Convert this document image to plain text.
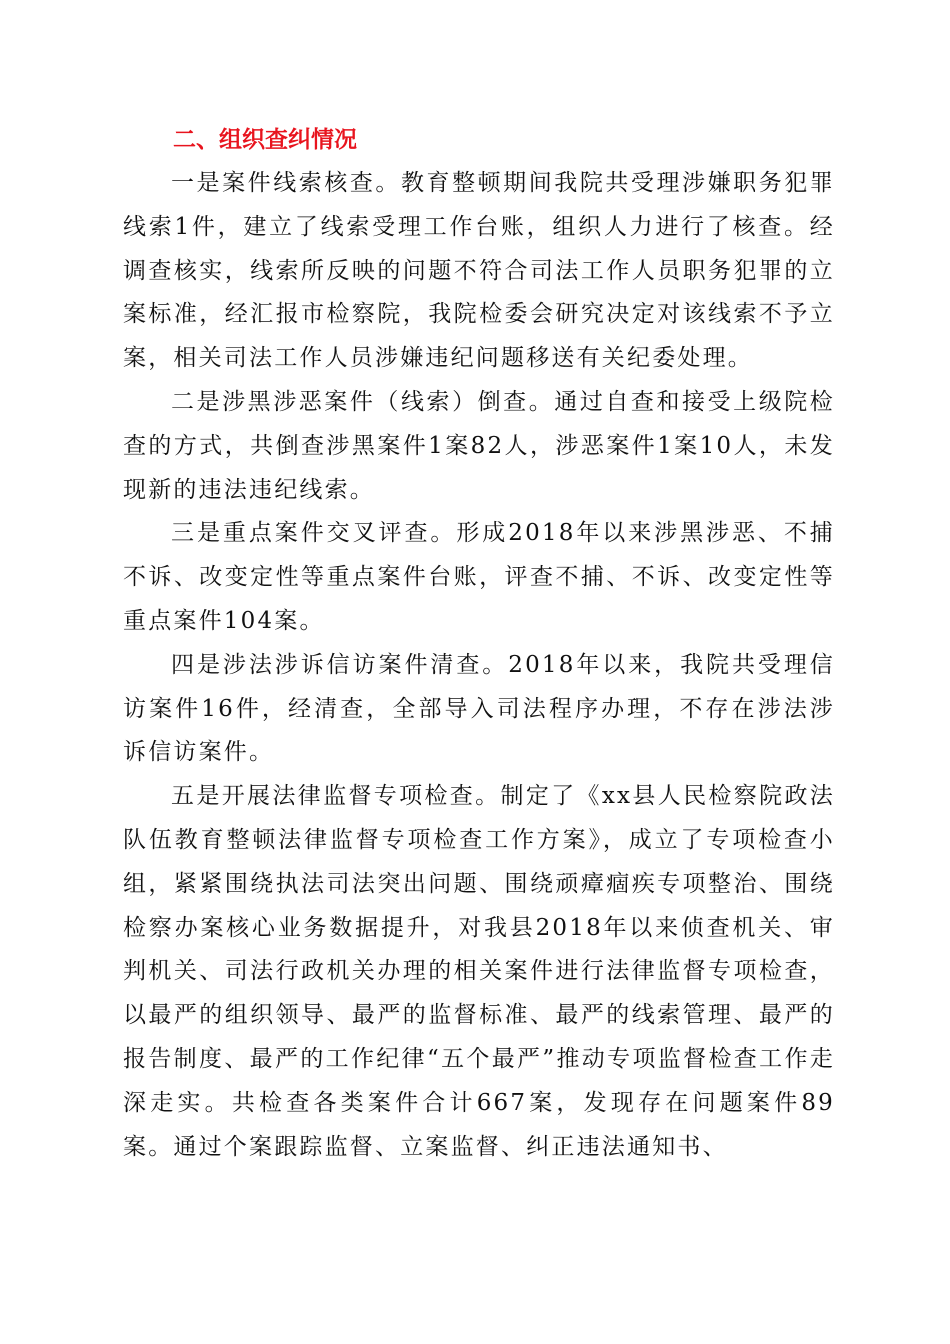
二、组织查纠情况

一是案件线索核查。教育整顿期间我院共受理涉嫌职务犯罪线索1件，建立了线索受理工作台账，组织人力进行了核查。经调查核实，线索所反映的问题不符合司法工作人员职务犯罪的立案标准，经汇报市检察院，我院检委会研究决定对该线索不予立案，相关司法工作人员涉嫌违纪问题移送有关纪委处理。

二是涉黑涉恶案件（线索）倒查。通过自查和接受上级院检查的方式，共倒查涉黑案件1案82人，涉恶案件1案10人，未发现新的违法违纪线索。

三是重点案件交叉评查。形成2018年以来涉黑涉恶、不捕不诉、改变定性等重点案件台账，评查不捕、不诉、改变定性等重点案件104案。

四是涉法涉诉信访案件清查。2018年以来，我院共受理信访案件16件，经清查，全部导入司法程序办理，不存在涉法涉诉信访案件。

五是开展法律监督专项检查。制定了《xx县人民检察院政法队伍教育整顿法律监督专项检查工作方案》，成立了专项检查小组，紧紧围绕执法司法突出问题、围绕顽瘴痼疾专项整治、围绕检察办案核心业务数据提升，对我县2018年以来侦查机关、审判机关、司法行政机关办理的相关案件进行法律监督专项检查，以最严的组织领导、最严的监督标准、最严的线索管理、最严的报告制度、最严的工作纪律“五个最严”推动专项监督检查工作走深走实。共检查各类案件合计667案，发现存在问题案件89案。通过个案跟踪监督、立案监督、纠正违法通知书、
